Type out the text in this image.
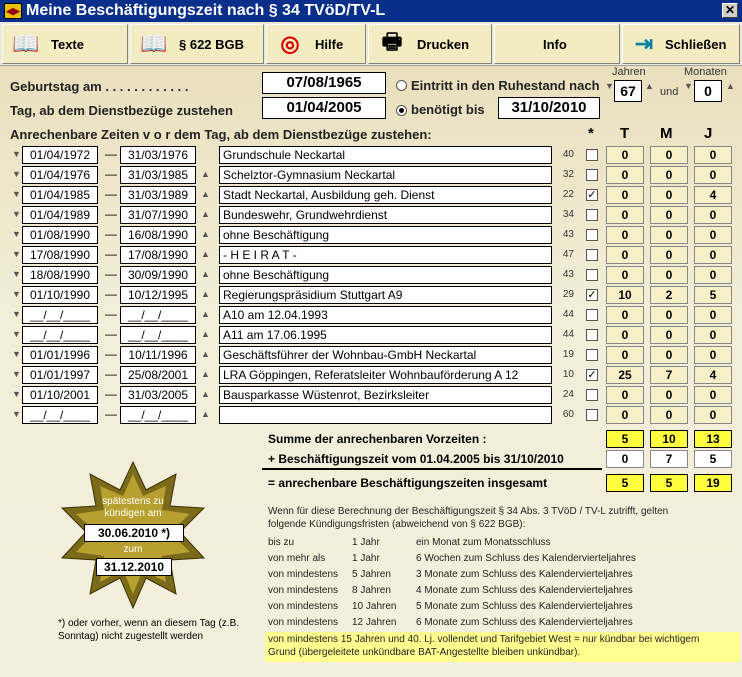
◀▶ Meine Beschäftigungszeit nach § 34 TVöD/TV-L	✕
📖 Texte	📖 § 622 BGB	◎	Hilfe	🖶	Drucken	Info	⇥ Schließen
Geburtstag am . . . . . . . . . . . .	07/08/1965
Tag, ab dem Dienstbezüge zustehen	01/04/2005
Eintritt in den Ruhestand nach
benötigt bis	31/10/2010
Jahren
▼ 67	▲ und
Monaten
▼ 0	▲
Anrechenbare Zeiten v o r dem Tag, ab dem Dienstbezüge zustehen:	* T M J
▼ 01/04/1972	— 31/03/1976	Grundschule Neckartal	40	0	0	0
▼ 01/04/1976	— 31/03/1985	▲	Schelztor-Gymnasium Neckartal	32	0	0	0
▼ 01/04/1985	— 31/03/1989	▲	Stadt Neckartal, Ausbildung geh. Dienst	22 ✓	0	0	4
▼ 01/04/1989	— 31/07/1990	▲	Bundeswehr, Grundwehrdienst	34	0	0	0
▼ 01/08/1990	— 16/08/1990	▲	ohne Beschäftigung	43	0	0	0
▼ 17/08/1990	— 17/08/1990	▲	- H E I R A T -	47	0	0	0
▼ 18/08/1990	— 30/09/1990	▲	ohne Beschäftigung	43	0	0	0
▼ 01/10/1990	— 10/12/1995	▲	Regierungspräsidium Stuttgart A9	29 ✓	10	2	5
▼ __/__/____	— __/__/____	▲	A10 am 12.04.1993	44	0	0	0
▼ __/__/____	— __/__/____	▲	A11 am 17.06.1995	44	0	0	0
▼ 01/01/1996	— 10/11/1996	▲	Geschäftsführer der Wohnbau-GmbH Neckartal	19	0	0	0
▼ 01/01/1997	— 25/08/2001	▲	LRA Göppingen, Referatsleiter Wohnbauförderung A 12	10 ✓	25	7	4
▼ 01/10/2001	— 31/03/2005	▲	Bausparkasse Wüstenrot, Bezirksleiter	24	0	0	0
▼ __/__/____	— __/__/____	▲	60	0	0	0
Summe der anrechenbaren Vorzeiten :	5	10	13
+ Beschäftigungszeit vom 01.04.2005 bis 31/10/2010	0	7	5
= anrechenbare Beschäftigungszeiten insgesamt	5	5	19
spätestens zu
kündigen am
30.06.2010 *)
zum
31.12.2010
*) oder vorher, wenn an diesem Tag (z.B. Sonntag) nicht zugestellt werden
Wenn für diese Berechnung der Beschäftigungszeit § 34 Abs. 3 TVöD / TV-L zutrifft, gelten
folgende Kündigungsfristen (abweichend von § 622 BGB):
bis zu	1 Jahr	ein Monat zum Monatsschluss
von mehr als	1 Jahr	6 Wochen zum Schluss des Kalendervierteljahres
von mindestens 5 Jahren	3 Monate zum Schluss des Kalendervierteljahres
von mindestens 8 Jahren	4 Monate zum Schluss des Kalendervierteljahres
von mindestens 10 Jahren 5 Monate zum Schluss des Kalendervierteljahres
von mindestens 12 Jahren 6 Monate zum Schluss des Kalendervierteljahres
von mindestens 15 Jahren und 40. Lj. vollendet und Tarifgebiet West = nur kündbar bei wichtigem
Grund (übergeleitete unkündbare BAT-Angestellte bleiben unkündbar).
